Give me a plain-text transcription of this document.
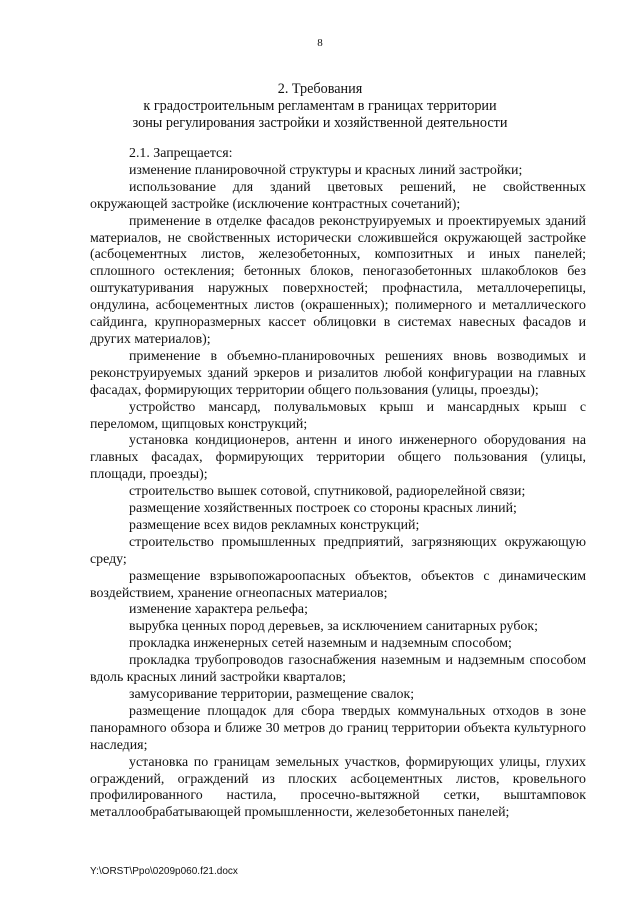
8
2. Требования
к градостроительным регламентам в границах территории
зоны регулирования застройки и хозяйственной деятельности

2.1. Запрещается:

изменение планировочной структуры и красных линий застройки;

использование для зданий цветовых решений, не свойственных окружающей застройке (исключение контрастных сочетаний);

применение в отделке фасадов реконструируемых и проектируемых зданий материалов, не свойственных исторически сложившейся окружающей застройке (асбоцементных листов, железобетонных, композитных и иных панелей; сплошного остекления; бетонных блоков, пеногазобетонных шлакоблоков без оштукатуривания наружных поверхностей; профнастила, металлочерепицы, ондулина, асбоцементных листов (окрашенных); полимерного и металлического сайдинга, крупноразмерных кассет облицовки в системах навесных фасадов и других материалов);

применение в объемно-планировочных решениях вновь возводимых и реконструируемых зданий эркеров и ризалитов любой конфигурации на главных фасадах, формирующих территории общего пользования (улицы, проезды);

устройство мансард, полувальмовых крыш и мансардных крыш с переломом, щипцовых конструкций;

установка кондиционеров, антенн и иного инженерного оборудования на главных фасадах, формирующих территории общего пользования (улицы, площади, проезды);

строительство вышек сотовой, спутниковой, радиорелейной связи;

размещение хозяйственных построек со стороны красных линий;

размещение всех видов рекламных конструкций;

строительство промышленных предприятий, загрязняющих окружающую среду;

размещение взрывопожароопасных объектов, объектов с динамическим воздействием, хранение огнеопасных материалов;

изменение характера рельефа;

вырубка ценных пород деревьев, за исключением санитарных рубок;

прокладка инженерных сетей наземным и надземным способом;

прокладка трубопроводов газоснабжения наземным и надземным способом вдоль красных линий застройки кварталов;

замусоривание территории, размещение свалок;

размещение площадок для сбора твердых коммунальных отходов в зоне панорамного обзора и ближе 30 метров до границ территории объекта культурного наследия;

установка по границам земельных участков, формирующих улицы, глухих ограждений, ограждений из плоских асбоцементных листов, кровельного профилированного настила, просечно-вытяжной сетки, выштамповок металлообрабатывающей промышленности, железобетонных панелей;

Y:\ORST\Ppo\0209p060.f21.docx
